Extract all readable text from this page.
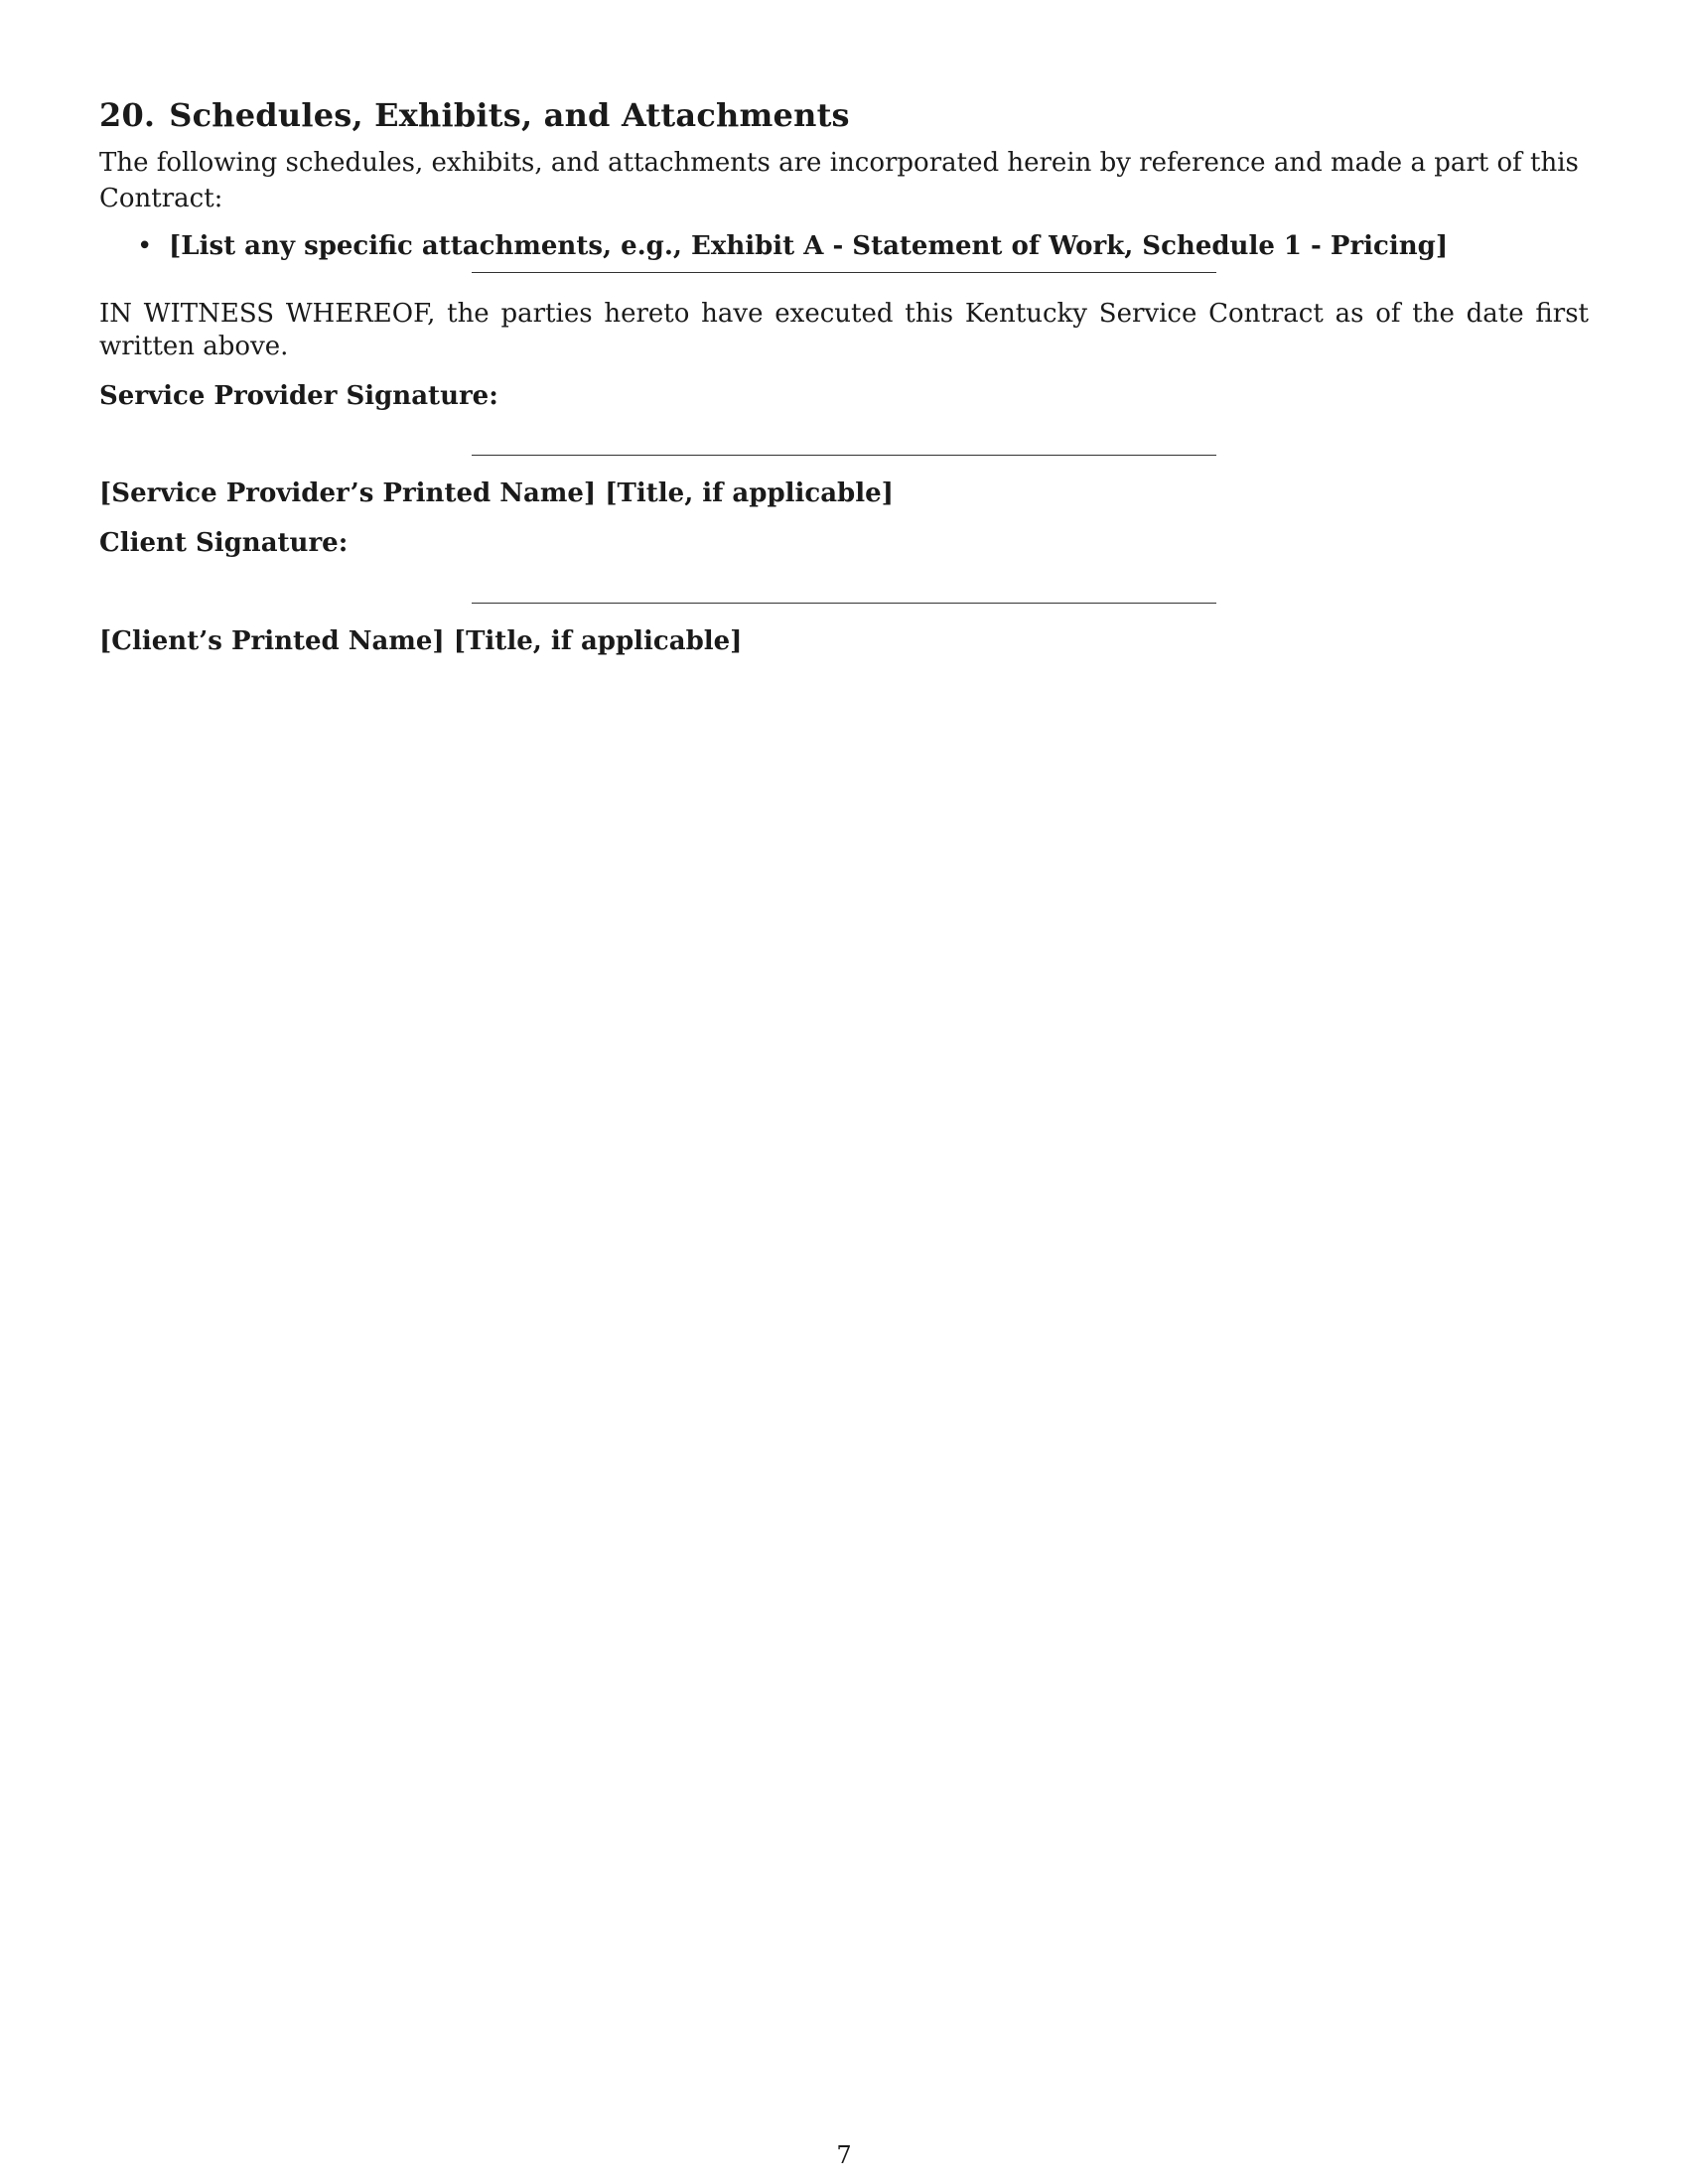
20. Schedules, Exhibits, and Attachments

The following schedules, exhibits, and attachments are incorporated herein by reference and made a part of this Contract:

• [List any specific attachments, e.g., Exhibit A - Statement of Work, Schedule 1 - Pricing]

IN WITNESS WHEREOF, the parties hereto have executed this Kentucky Service Contract as of the date first written above.

Service Provider Signature:

[Service Provider’s Printed Name] [Title, if applicable]

Client Signature:

[Client’s Printed Name] [Title, if applicable]

7
